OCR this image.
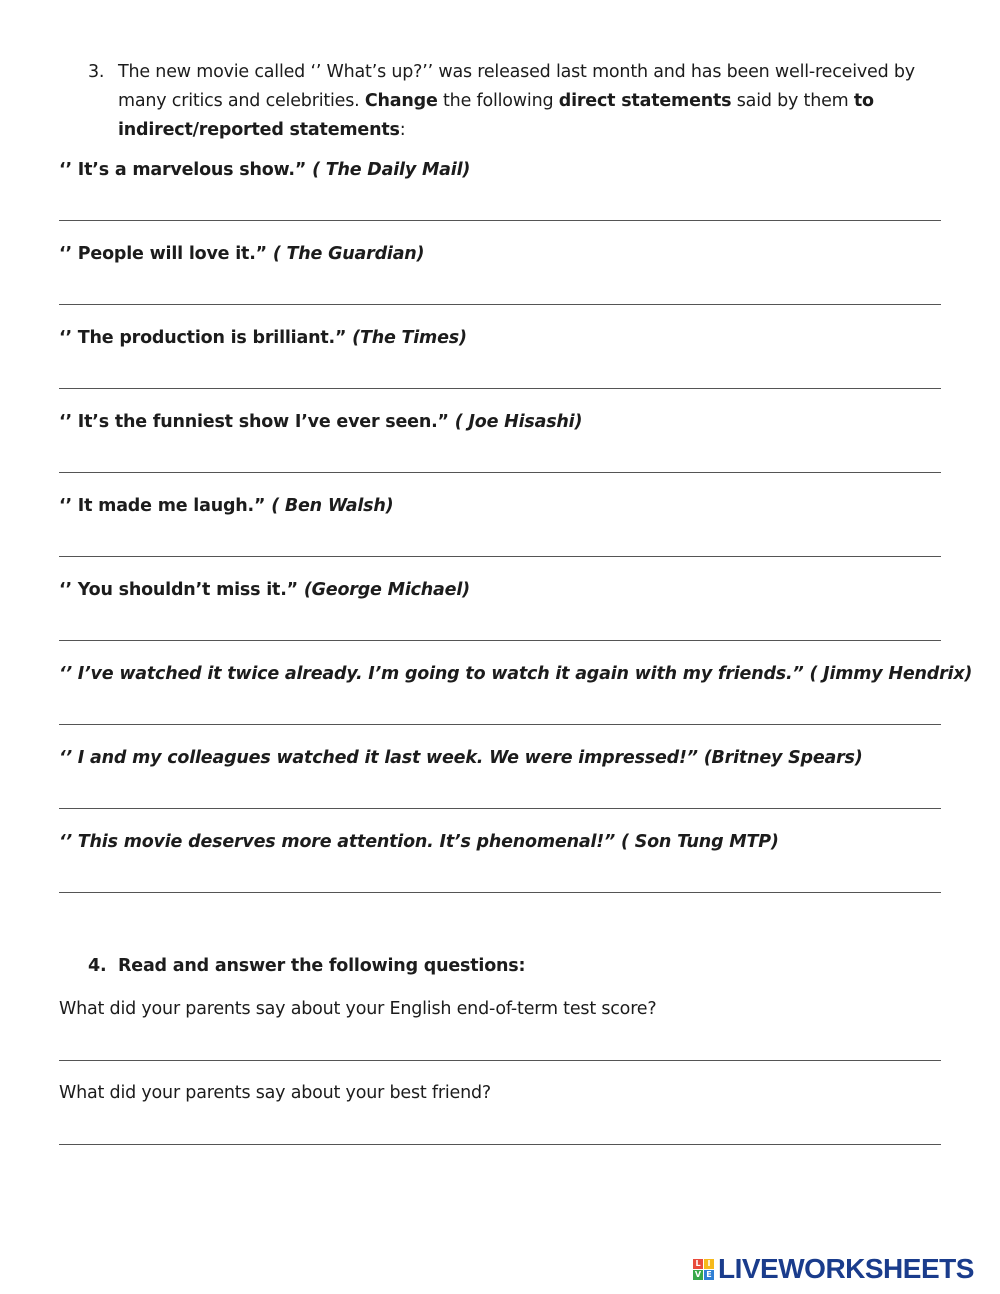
3. The new movie called ‘’ What’s up?’’ was released last month and has been well-received by many critics and celebrities. Change the following direct statements said by them to indirect/reported statements:
‘’ It’s a marvelous show.” ( The Daily Mail)
‘’ People will love it.” ( The Guardian)
‘’ The production is brilliant.” (The Times)
‘’ It’s the funniest show I’ve ever seen.” ( Joe Hisashi)
‘’ It made me laugh.” ( Ben Walsh)
‘’ You shouldn’t miss it.” (George Michael)
‘’ I’ve watched it twice already. I’m going to watch it again with my friends.” ( Jimmy Hendrix)
‘’ I and my colleagues watched it last week. We were impressed!” (Britney Spears)
‘’ This movie deserves more attention. It’s phenomenal!” ( Son Tung MTP)
4. Read and answer the following questions:
What did your parents say about your English end-of-term test score?
What did your parents say about your best friend?
L I
V E LIVEWORKSHEETS
